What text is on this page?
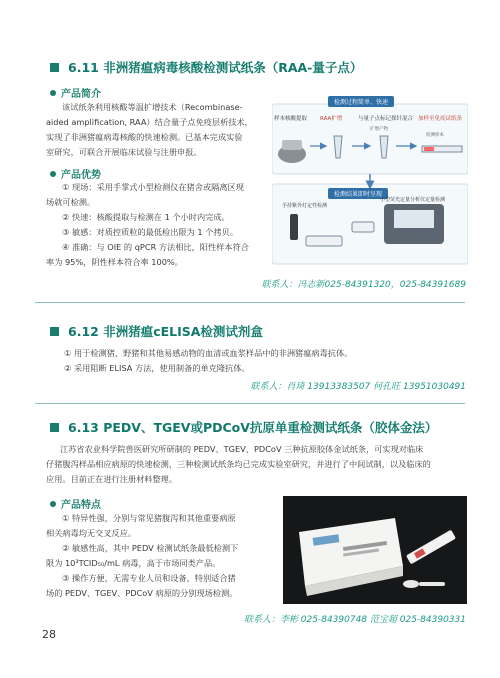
6.11 非洲猪瘟病毒核酸检测试纸条（RAA-量子点）
产品简介
该试纸条利用核酸等温扩增技术（Recombinase-
aided amplification, RAA）结合量子点免疫层析技术，
实现了非洲猪瘟病毒核酸的快速检测。已基本完成实验
室研究，可联合开展临床试验与注册申报。
产品优势
① 现场：采用手掌式小型检测仪在猪舍或隔离区现
场就可检测。
② 快速：核酸提取与检测在 1 个小时内完成。
③ 敏感：对质控质粒的最低检出限为 1 个拷贝。
④ 准确：与 OIE 的 qPCR 方法相比，阳性样本符合
率为 95%，阴性样本符合率 100%。
检测过程简单、快速
样本核酸提取 RAA扩增	与量子点标记探针混合 加样至免疫试纸条
扩增产物
检测样本
检测结果即时呈现
手持紫外灯定性检测
小型荧光定量分析仪定量检测
联系人：冯志新025-84391320，025-84391689
6.12 非洲猪瘟cELISA检测试剂盒
① 用于检测猪、野猪和其他易感动物的血清或血浆样品中的非洲猪瘟病毒抗体。
② 采用阻断 ELISA 方法，使用制备的单克隆抗体。
联系人：肖琦 13913383507 何孔旺 13951030491
6.13 PEDV、TGEV或PDCoV抗原单重检测试纸条（胶体金法）
江苏省农业科学院兽医研究所研制的 PEDV、TGEV、PDCoV 三种抗原胶体金试纸条，可实现对临床
仔猪腹泻样品相应病原的快速检测，三种检测试纸条均已完成实验室研究，并进行了中间试制，以及临床的
应用。目前正在进行注册材料整理。
产品特点
① 特异性强，分别与常见猪腹泻和其他重要病原
相关病毒均无交叉反应。
② 敏感性高，其中 PEDV 检测试纸条最低检测下
限为 10³TCID₅₀/mL 病毒，高于市场同类产品。
③ 操作方便，无需专业人员和设备，特别适合猪
场的 PEDV、TGEV、PDCoV 病原的分别现场检测。
联系人：李彬 025-84390748 范宝超 025-84390331
28
